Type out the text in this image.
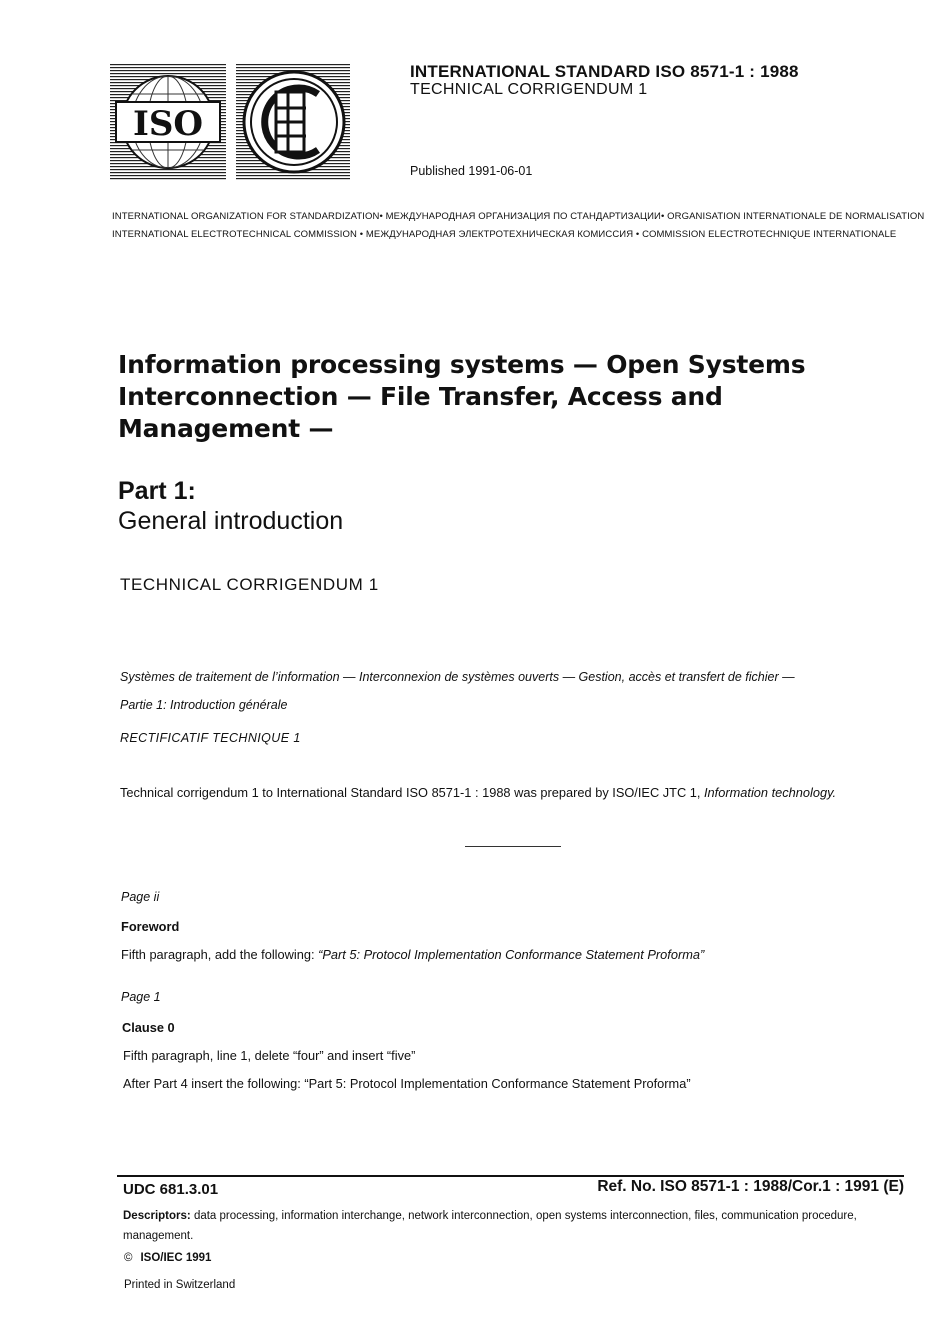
ISO
IEC
INTERNATIONAL STANDARD ISO 8571-1 : 1988
TECHNICAL CORRIGENDUM 1
Published 1991-06-01
INTERNATIONAL ORGANIZATION FOR STANDARDIZATION• МЕЖДУНАРОДНАЯ ОРГАНИЗАЦИЯ ПО СТАНДАРТИЗАЦИИ• ORGANISATION INTERNATIONALE DE NORMALISATION
INTERNATIONAL ELECTROTECHNICAL COMMISSION • МЕЖДУНАРОДНАЯ ЭЛЕКТРОТЕХНИЧЕСКАЯ КОМИССИЯ • COMMISSION ELECTROTECHNIQUE INTERNATIONALE
Information processing systems — Open Systems Interconnection — File Transfer, Access and Management —
Part 1:
General introduction
TECHNICAL CORRIGENDUM 1
Systèmes de traitement de l’information — Interconnexion de systèmes ouverts — Gestion, accès et transfert de fichier —
Partie 1: Introduction générale
RECTIFICATIF TECHNIQUE 1
Technical corrigendum 1 to International Standard ISO 8571-1 : 1988 was prepared by ISO/IEC JTC 1, Information technology.
Page ii
Foreword
Fifth paragraph, add the following: “Part 5: Protocol Implementation Conformance Statement Proforma”
Page 1
Clause 0
Fifth paragraph, line 1, delete “four” and insert “five”
After Part 4 insert the following: “Part 5: Protocol Implementation Conformance Statement Proforma”
UDC 681.3.01	Ref. No. ISO 8571-1 : 1988/Cor.1 : 1991 (E)
Descriptors: data processing, information interchange, network interconnection, open systems interconnection, files, communication procedure, management.
© ISO/IEC 1991
Printed in Switzerland
